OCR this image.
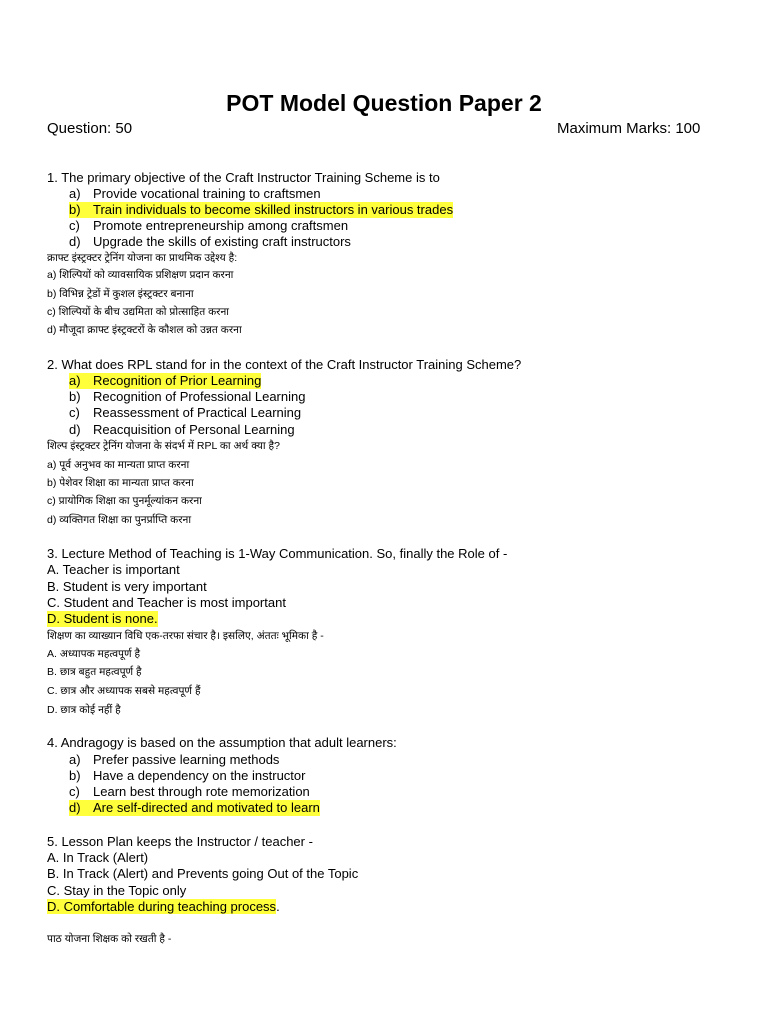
POT Model Question Paper 2
Question: 50	Maximum Marks: 100
1. The primary objective of the Craft Instructor Training Scheme is to
a) Provide vocational training to craftsmen
b) Train individuals to become skilled instructors in various trades
c) Promote entrepreneurship among craftsmen
d) Upgrade the skills of existing craft instructors
क्राफ्ट इंस्ट्रक्टर ट्रेनिंग योजना का प्राथमिक उद्देश्य है:
a) शिल्पियों को व्यावसायिक प्रशिक्षण प्रदान करना
b) विभिन्न ट्रेडों में कुशल इंस्ट्रक्टर बनाना
c) शिल्पियों के बीच उद्यमिता को प्रोत्साहित करना
d) मौजूदा क्राफ्ट इंस्ट्रक्टरों के कौशल को उन्नत करना
2. What does RPL stand for in the context of the Craft Instructor Training Scheme?
a) Recognition of Prior Learning
b) Recognition of Professional Learning
c) Reassessment of Practical Learning
d) Reacquisition of Personal Learning
शिल्प इंस्ट्रक्टर ट्रेनिंग योजना के संदर्भ में RPL का अर्थ क्या है?
a) पूर्व अनुभव का मान्यता प्राप्त करना
b) पेशेवर शिक्षा का मान्यता प्राप्त करना
c) प्रायोगिक शिक्षा का पुनर्मूल्यांकन करना
d) व्यक्तिगत शिक्षा का पुनर्प्राप्ति करना
3. Lecture Method of Teaching is 1-Way Communication. So, finally the Role of -
A. Teacher is important
B. Student is very important
C. Student and Teacher is most important
D. Student is none.
शिक्षण का व्याख्यान विधि एक-तरफा संचार है। इसलिए, अंततः भूमिका है -
A. अध्यापक महत्वपूर्ण है
B. छात्र बहुत महत्वपूर्ण है
C. छात्र और अध्यापक सबसे महत्वपूर्ण हैं
D. छात्र कोई नहीं है
4. Andragogy is based on the assumption that adult learners:
a) Prefer passive learning methods
b) Have a dependency on the instructor
c) Learn best through rote memorization
d) Are self-directed and motivated to learn
5. Lesson Plan keeps the Instructor / teacher -
A. In Track (Alert)
B. In Track (Alert) and Prevents going Out of the Topic
C. Stay in the Topic only
D. Comfortable during teaching process.
पाठ योजना शिक्षक को रखती है -
